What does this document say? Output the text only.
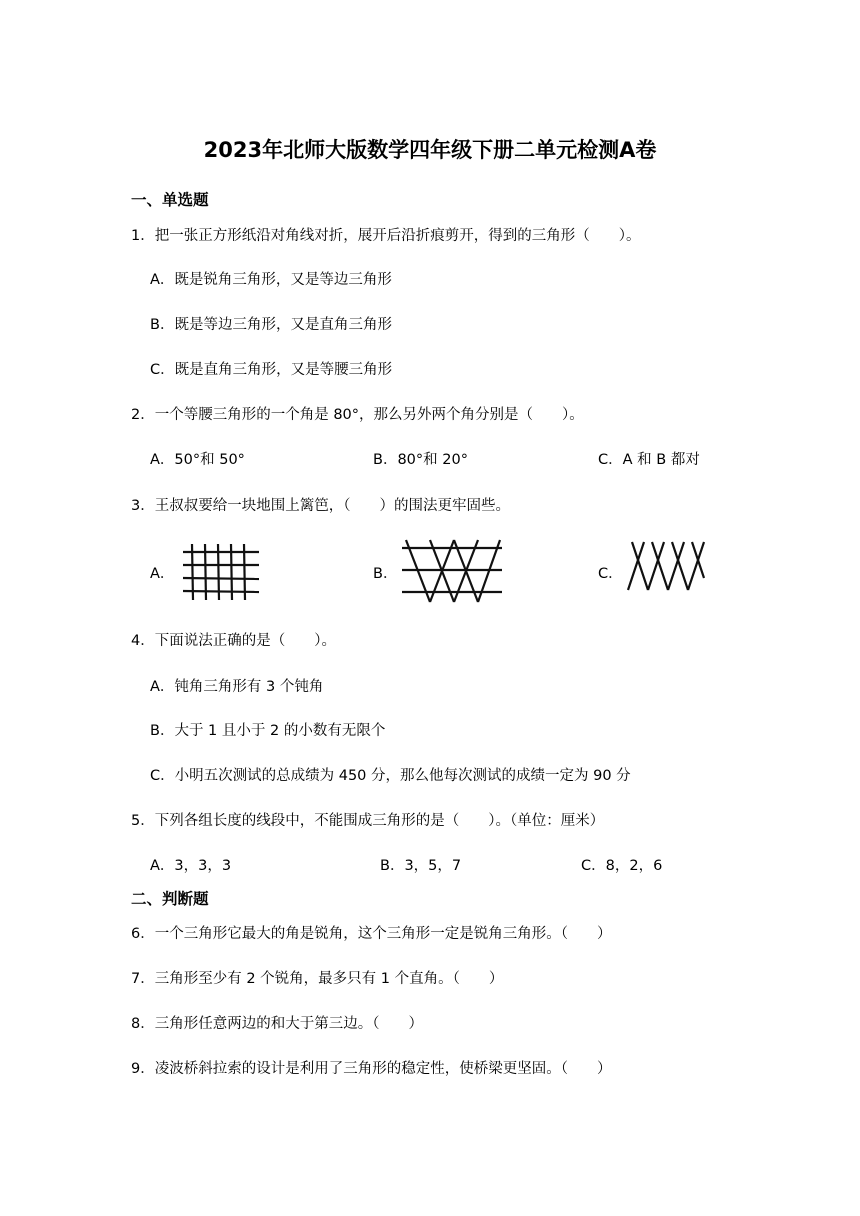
2023年北师大版数学四年级下册二单元检测A卷
一、单选题
1．把一张正方形纸沿对角线对折，展开后沿折痕剪开，得到的三角形（　　）。
A．既是锐角三角形，又是等边三角形
B．既是等边三角形，又是直角三角形
C．既是直角三角形，又是等腰三角形
2．一个等腰三角形的一个角是 80°，那么另外两个角分别是（　　）。
A．50°和 50°	B．80°和 20°	C．A 和 B 都对
3．王叔叔要给一块地围上篱笆，（　　）的围法更牢固些。
A．	B．	C．
4．下面说法正确的是（　　）。
A．钝角三角形有 3 个钝角
B．大于 1 且小于 2 的小数有无限个
C．小明五次测试的总成绩为 450 分，那么他每次测试的成绩一定为 90 分
5．下列各组长度的线段中，不能围成三角形的是（　　）。（单位：厘米）
A．3，3，3	B．3，5，7	C．8，2，6
二、判断题
6．一个三角形它最大的角是锐角，这个三角形一定是锐角三角形。（　　）
7．三角形至少有 2 个锐角，最多只有 1 个直角。（　　）
8．三角形任意两边的和大于第三边。（　　）
9．凌波桥斜拉索的设计是利用了三角形的稳定性，使桥梁更坚固。（　　）
